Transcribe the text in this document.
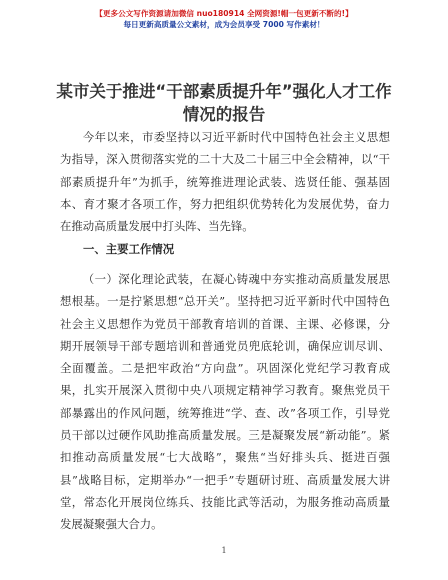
【更多公文写作资源请加微信 nuo180914 全网资源!帽一包更新不断的!】
每日更新高质量公文素材，成为会员享受 7000 写作素材！
某市关于推进“干部素质提升年”强化人才工作情况的报告

今年以来，市委坚持以习近平新时代中国特色社会主义思想为指导，深入贯彻落实党的二十大及二十届三中全会精神，以“干部素质提升年”为抓手，统筹推进理论武装、选贤任能、强基固本、育才聚才各项工作，努力把组织优势转化为发展优势，奋力在推动高质量发展中打头阵、当先锋。

一、主要工作情况

（一）深化理论武装，在凝心铸魂中夯实推动高质量发展思想根基。一是拧紧思想“总开关”。坚持把习近平新时代中国特色社会主义思想作为党员干部教育培训的首课、主课、必修课，分期开展领导干部专题培训和普通党员兜底轮训，确保应训尽训、全面覆盖。二是把牢政治“方向盘”。巩固深化党纪学习教育成果，扎实开展深入贯彻中央八项规定精神学习教育。聚焦党员干部暴露出的作风问题，统筹推进“学、查、改”各项工作，引导党员干部以过硬作风助推高质量发展。三是凝聚发展“新动能”。紧扣推动高质量发展“七大战略”，聚焦“当好排头兵、挺进百强县”战略目标，定期举办“一把手”专题研讨班、高质量发展大讲堂，常态化开展岗位练兵、技能比武等活动，为服务推动高质量发展凝聚强大合力。

1
